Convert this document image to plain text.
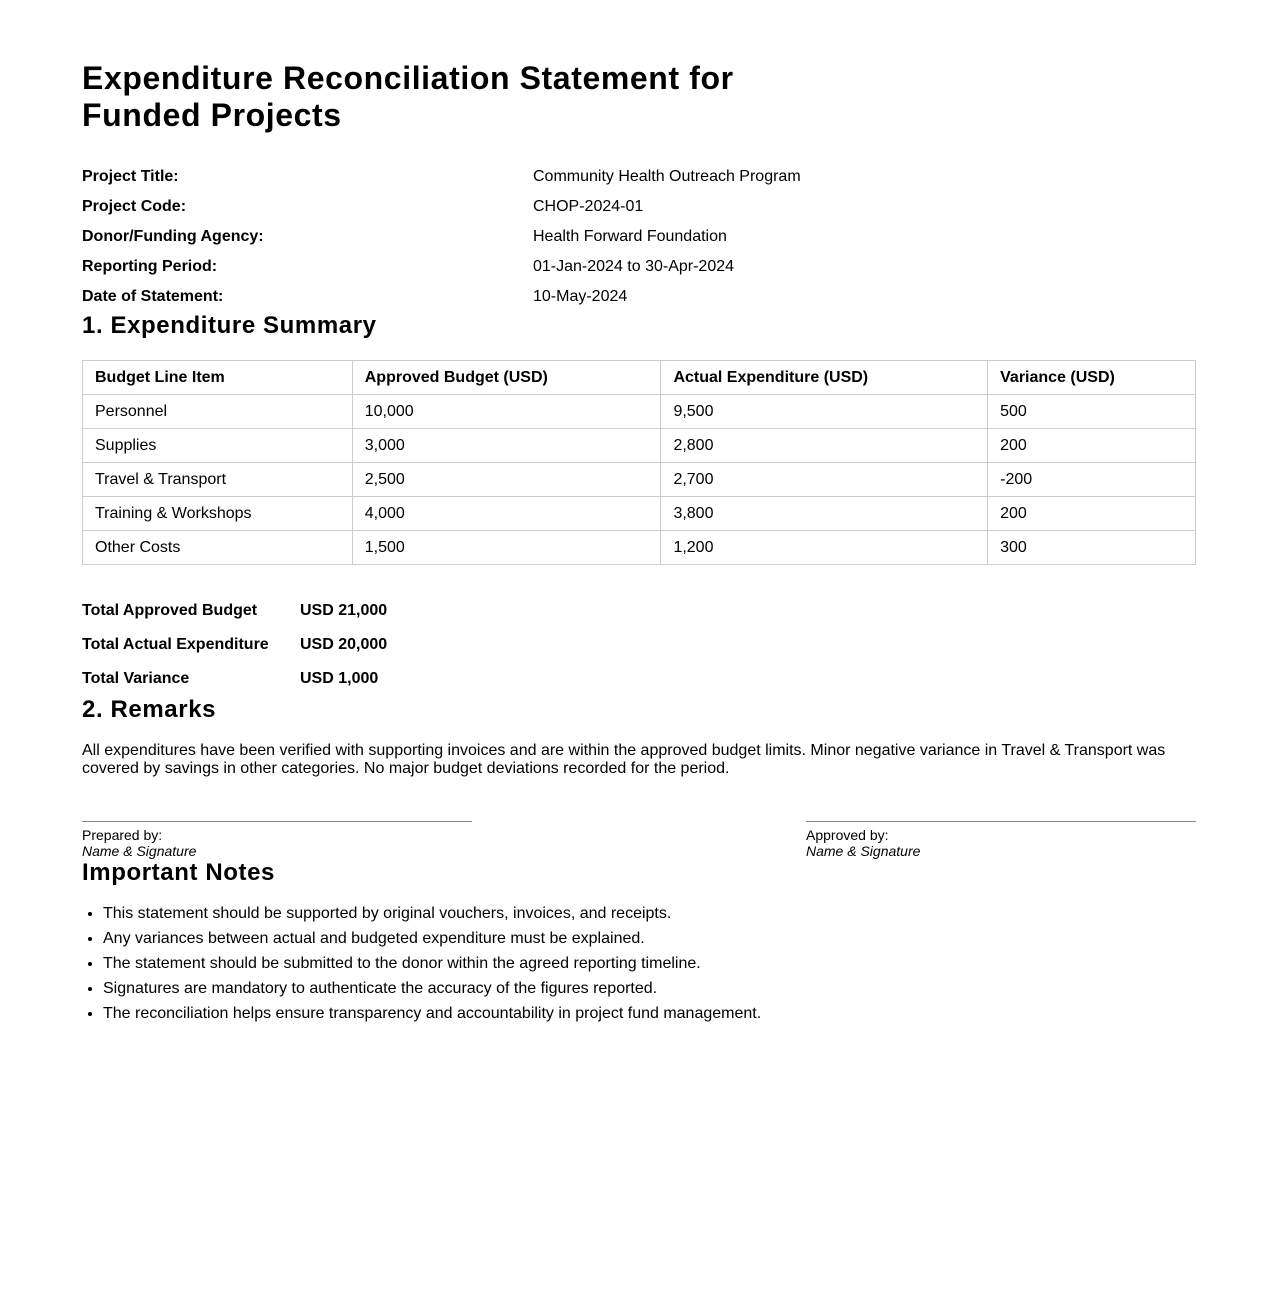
Expenditure Reconciliation Statement for Funded Projects
Project Title:	Community Health Outreach Program
Project Code:	CHOP-2024-01
Donor/Funding Agency:	Health Forward Foundation
Reporting Period:	01-Jan-2024 to 30-Apr-2024
Date of Statement:	10-May-2024
1. Expenditure Summary
Budget Line Item	Approved Budget (USD)	Actual Expenditure (USD)	Variance (USD)
Personnel	10,000	9,500	500
Supplies	3,000	2,800	200
Travel & Transport	2,500	2,700	-200
Training & Workshops	4,000	3,800	200
Other Costs	1,500	1,200	300
Total Approved Budget	USD 21,000
Total Actual Expenditure	USD 20,000
Total Variance	USD 1,000
2. Remarks

All expenditures have been verified with supporting invoices and are within the approved budget limits. Minor negative variance in Travel & Transport was covered by savings in other categories. No major budget deviations recorded for the period.

Prepared by:
Name & Signature
Approved by:
Name & Signature
Important Notes
• This statement should be supported by original vouchers, invoices, and receipts.
• Any variances between actual and budgeted expenditure must be explained.
• The statement should be submitted to the donor within the agreed reporting timeline.
• Signatures are mandatory to authenticate the accuracy of the figures reported.
• The reconciliation helps ensure transparency and accountability in project fund management.
